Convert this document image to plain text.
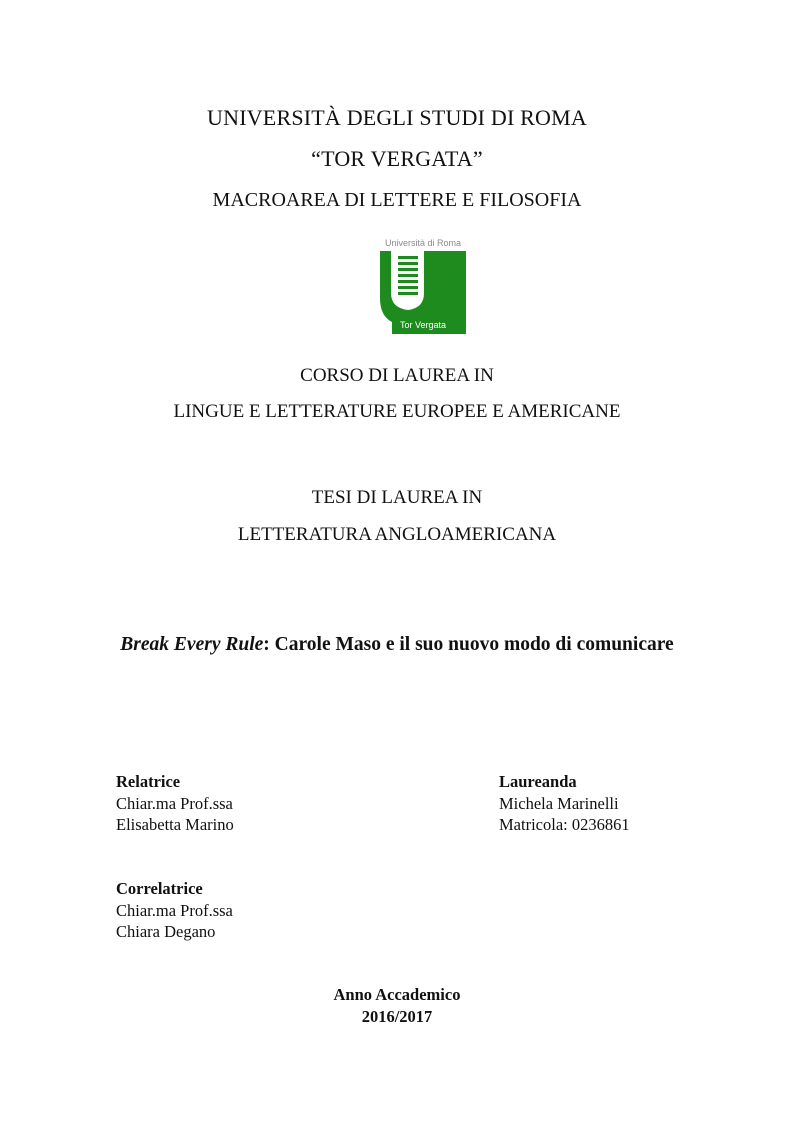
UNIVERSITÀ DEGLI STUDI DI ROMA
“TOR VERGATA”
MACROAREA DI LETTERE E FILOSOFIA
Università di Roma
Tor Vergata
CORSO DI LAUREA IN
LINGUE E LETTERATURE EUROPEE E AMERICANE
TESI DI LAUREA IN
LETTERATURA ANGLOAMERICANA
Break Every Rule: Carole Maso e il suo nuovo modo di comunicare
Relatrice
Chiar.ma Prof.ssa
Elisabetta Marino
Laureanda
Michela Marinelli
Matricola: 0236861
Correlatrice
Chiar.ma Prof.ssa
Chiara Degano
Anno Accademico
2016/2017
